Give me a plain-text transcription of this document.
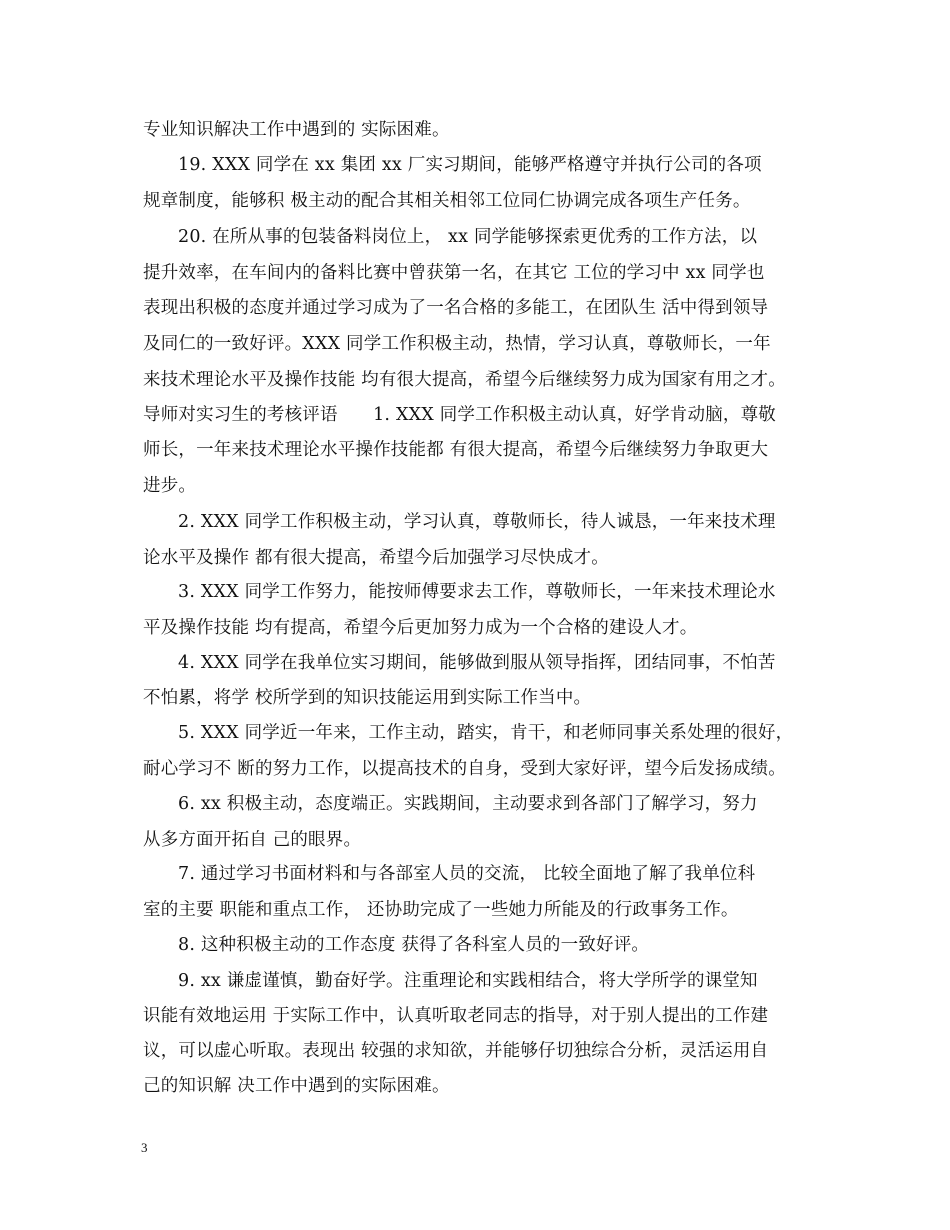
专业知识解决工作中遇到的 实际困难。
19. XXX 同学在 xx 集团 xx 厂实习期间，能够严格遵守并执行公司的各项
规章制度，能够积 极主动的配合其相关相邻工位同仁协调完成各项生产任务。
20. 在所从事的包装备料岗位上， xx 同学能够探索更优秀的工作方法，以
提升效率，在车间内的备料比赛中曾获第一名，在其它 工位的学习中 xx 同学也
表现出积极的态度并通过学习成为了一名合格的多能工，在团队生 活中得到领导
及同仁的一致好评。XXX 同学工作积极主动，热情，学习认真，尊敬师长，一年
来技术理论水平及操作技能 均有很大提高，希望今后继续努力成为国家有用之才。
导师对实习生的考核评语　　1. XXX 同学工作积极主动认真，好学肯动脑，尊敬
师长，一年来技术理论水平操作技能都 有很大提高，希望今后继续努力争取更大
进步。
2. XXX 同学工作积极主动，学习认真，尊敬师长，待人诚恳，一年来技术理
论水平及操作 都有很大提高，希望今后加强学习尽快成才。
3. XXX 同学工作努力，能按师傅要求去工作，尊敬师长，一年来技术理论水
平及操作技能 均有提高，希望今后更加努力成为一个合格的建设人才。
4. XXX 同学在我单位实习期间，能够做到服从领导指挥，团结同事，不怕苦
不怕累，将学 校所学到的知识技能运用到实际工作当中。
5. XXX 同学近一年来，工作主动，踏实，肯干，和老师同事关系处理的很好，
耐心学习不 断的努力工作，以提高技术的自身，受到大家好评，望今后发扬成绩。
6. xx 积极主动，态度端正。实践期间，主动要求到各部门了解学习，努力
从多方面开拓自 己的眼界。
7. 通过学习书面材料和与各部室人员的交流， 比较全面地了解了我单位科
室的主要 职能和重点工作， 还协助完成了一些她力所能及的行政事务工作。
8. 这种积极主动的工作态度 获得了各科室人员的一致好评。
9. xx 谦虚谨慎，勤奋好学。注重理论和实践相结合，将大学所学的课堂知
识能有效地运用 于实际工作中，认真听取老同志的指导，对于别人提出的工作建
议，可以虚心听取。表现出 较强的求知欲，并能够仔切独综合分析，灵活运用自
己的知识解 决工作中遇到的实际困难。
3
